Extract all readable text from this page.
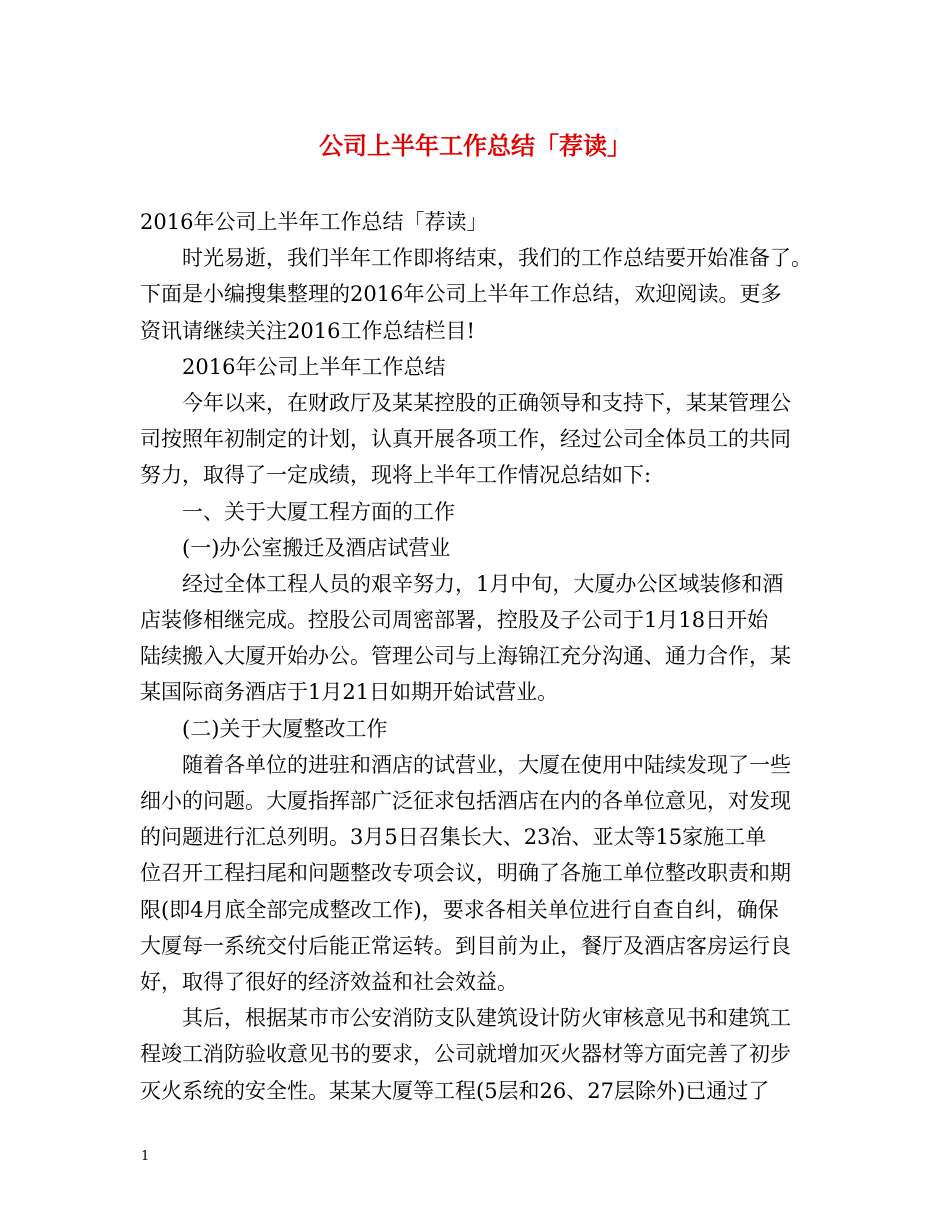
公司上半年工作总结「荐读」

2016年公司上半年工作总结「荐读」

时光易逝，我们半年工作即将结束，我们的工作总结要开始准备了。

下面是小编搜集整理的2016年公司上半年工作总结，欢迎阅读。更多

资讯请继续关注2016工作总结栏目!

2016年公司上半年工作总结

今年以来，在财政厅及某某控股的正确领导和支持下，某某管理公

司按照年初制定的计划，认真开展各项工作，经过公司全体员工的共同

努力，取得了一定成绩，现将上半年工作情况总结如下:

一、关于大厦工程方面的工作

(一)办公室搬迁及酒店试营业

经过全体工程人员的艰辛努力，1月中旬，大厦办公区域装修和酒

店装修相继完成。控股公司周密部署，控股及子公司于1月18日开始

陆续搬入大厦开始办公。管理公司与上海锦江充分沟通、通力合作，某

某国际商务酒店于1月21日如期开始试营业。

(二)关于大厦整改工作

随着各单位的进驻和酒店的试营业，大厦在使用中陆续发现了一些

细小的问题。大厦指挥部广泛征求包括酒店在内的各单位意见，对发现

的问题进行汇总列明。3月5日召集长大、23冶、亚太等15家施工单

位召开工程扫尾和问题整改专项会议，明确了各施工单位整改职责和期

限(即4月底全部完成整改工作)，要求各相关单位进行自查自纠，确保

大厦每一系统交付后能正常运转。到目前为止，餐厅及酒店客房运行良

好，取得了很好的经济效益和社会效益。

其后，根据某市市公安消防支队建筑设计防火审核意见书和建筑工

程竣工消防验收意见书的要求，公司就增加灭火器材等方面完善了初步

灭火系统的安全性。某某大厦等工程(5层和26、27层除外)已通过了

1
